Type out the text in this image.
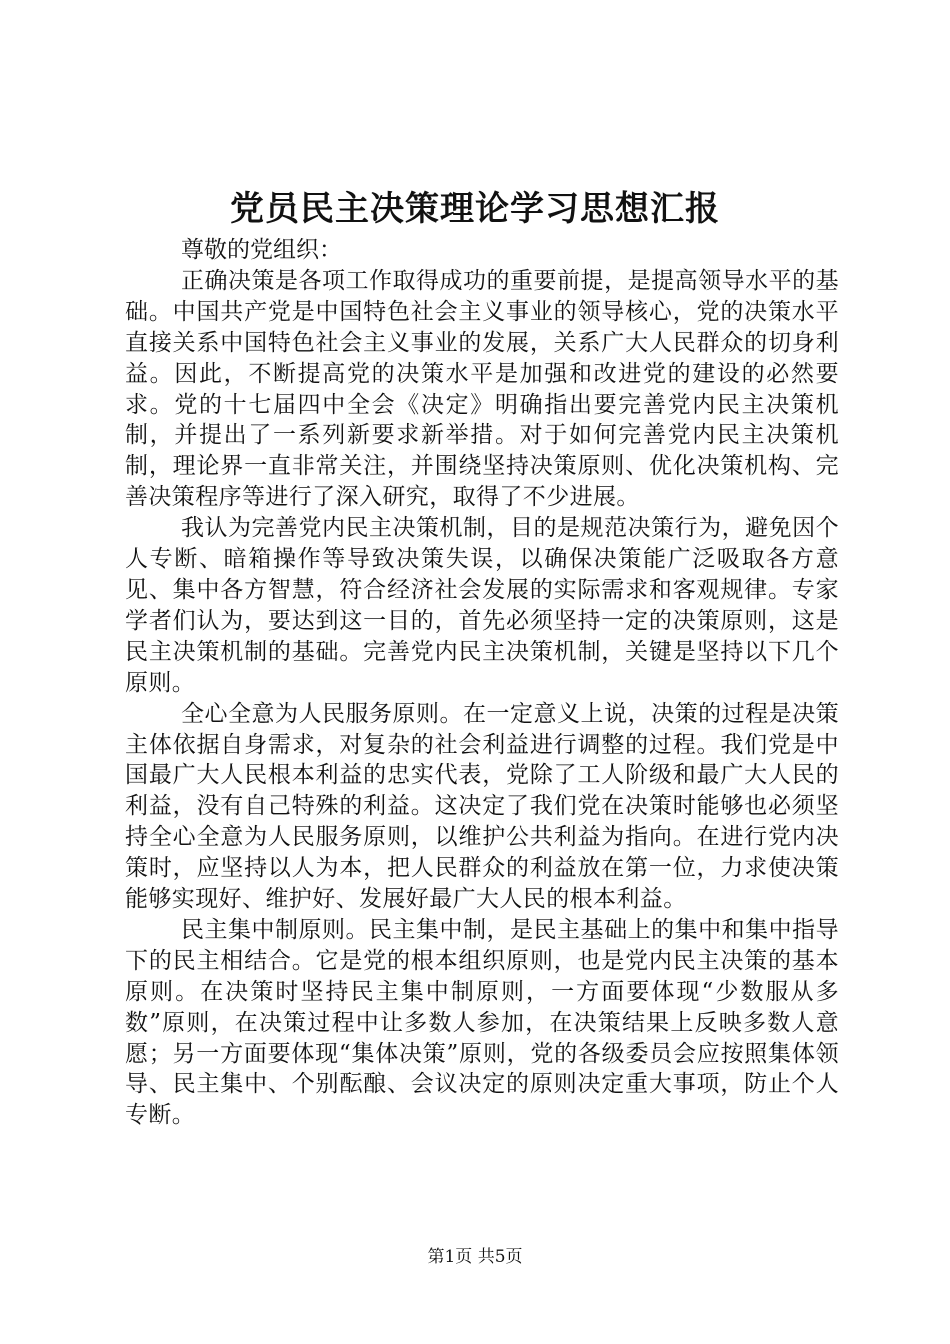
党员民主决策理论学习思想汇报

尊敬的党组织：

正确决策是各项工作取得成功的重要前提，是提高领导水平的基础。中国共产党是中国特色社会主义事业的领导核心，党的决策水平直接关系中国特色社会主义事业的发展，关系广大人民群众的切身利益。因此，不断提高党的决策水平是加强和改进党的建设的必然要求。党的十七届四中全会《决定》明确指出要完善党内民主决策机制，并提出了一系列新要求新举措。对于如何完善党内民主决策机制，理论界一直非常关注，并围绕坚持决策原则、优化决策机构、完善决策程序等进行了深入研究，取得了不少进展。

我认为完善党内民主决策机制，目的是规范决策行为，避免因个人专断、暗箱操作等导致决策失误，以确保决策能广泛吸取各方意见、集中各方智慧，符合经济社会发展的实际需求和客观规律。专家学者们认为，要达到这一目的，首先必须坚持一定的决策原则，这是民主决策机制的基础。完善党内民主决策机制，关键是坚持以下几个原则。

全心全意为人民服务原则。在一定意义上说，决策的过程是决策主体依据自身需求，对复杂的社会利益进行调整的过程。我们党是中国最广大人民根本利益的忠实代表，党除了工人阶级和最广大人民的利益，没有自己特殊的利益。这决定了我们党在决策时能够也必须坚持全心全意为人民服务原则，以维护公共利益为指向。在进行党内决策时，应坚持以人为本，把人民群众的利益放在第一位，力求使决策能够实现好、维护好、发展好最广大人民的根本利益。

民主集中制原则。民主集中制，是民主基础上的集中和集中指导下的民主相结合。它是党的根本组织原则，也是党内民主决策的基本原则。在决策时坚持民主集中制原则，一方面要体现“少数服从多数”原则，在决策过程中让多数人参加，在决策结果上反映多数人意愿；另一方面要体现“集体决策”原则，党的各级委员会应按照集体领导、民主集中、个别酝酿、会议决定的原则决定重大事项，防止个人专断。

第1页 共5页
